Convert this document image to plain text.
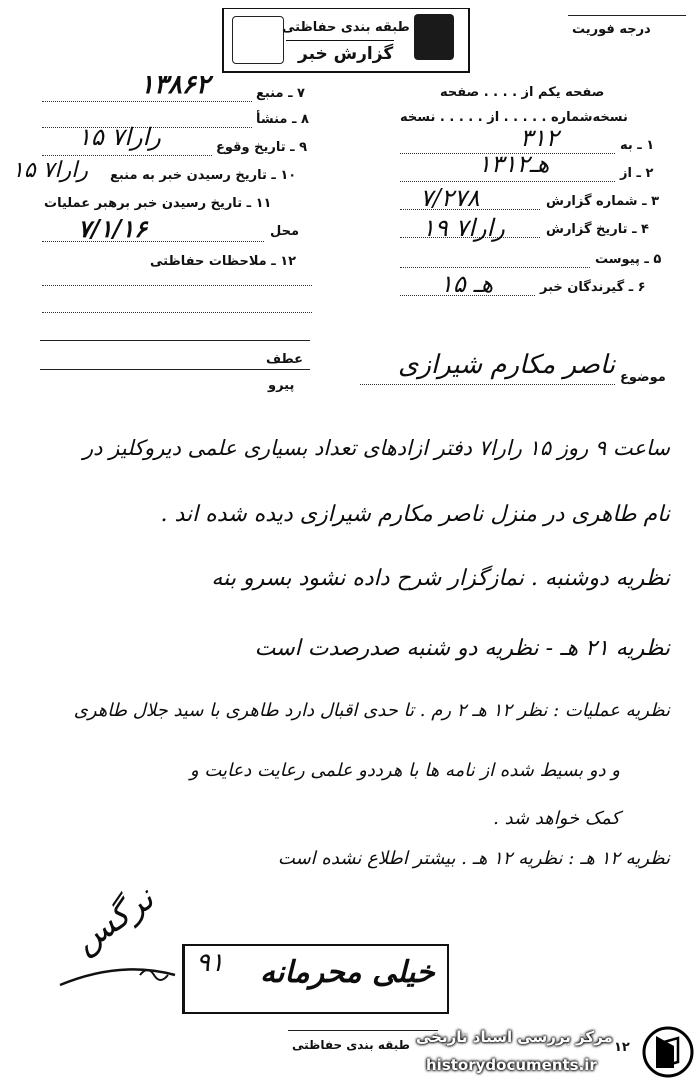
طبقه بندی حفاظتی
گزارش خبر
درجه فوریت
صفحه یکم از . . . . صفحه
نسخه‌شماره . . . . . از . . . . . نسخه
۱ ـ به
۳۱۲
۲ ـ از
۱۳۱۲هـ
۳ ـ شماره گزارش
۷/۲۷۸
۴ ـ تاریخ گزارش
۱۹ رارا۷
۵ ـ پیوست
۶ ـ گیرندگان خبر
۱۵ هـ
۱۳۸۶۲	۷ ـ منبع
۸ ـ منشأ
۹ ـ تاریخ وقوع
۱۵ رارا۷
۱۰ ـ تاریخ رسیدن خبر به منبع
۱۵ رارا۷
۱۱ ـ تاریخ رسیدن خبر برهبر عملیات
محل
۷/۱/۱۶
۱۲ ـ ملاحظات حفاظتی
عطف
پیرو
موضوع
ناصر مکارم شیرازی
ساعت ۹ روز ۱۵ رارا۷ دفتر ازادهای تعداد بسیاری علمی دیروکلیز در
نام طاهری در منزل ناصر مکارم شیرازی دیده شده اند .
نظریه دوشنبه . نمازگزار شرح داده نشود بسرو بنه
نظریه ۲۱ هـ - نظریه دو شنبه صدرصدت است
نظریه عملیات : نظر ۱۲ هـ ۲ رم . تا حدی اقبال دارد طاهری با سید جلال طاهری
و دو بسیط شده از نامه ها با هرددو علمی رعایت دعایت و
کمک خواهد شد .
نظریه ۱۲ هـ : نظریه ۱۲ هـ . بیشتر اطلاع نشده است
نرگس
خیلی محرمانه
۹۱
طبقه بندی حفاظتی	۱۲
مرکز بررسی اسناد تاریخی
historydocuments.ir
